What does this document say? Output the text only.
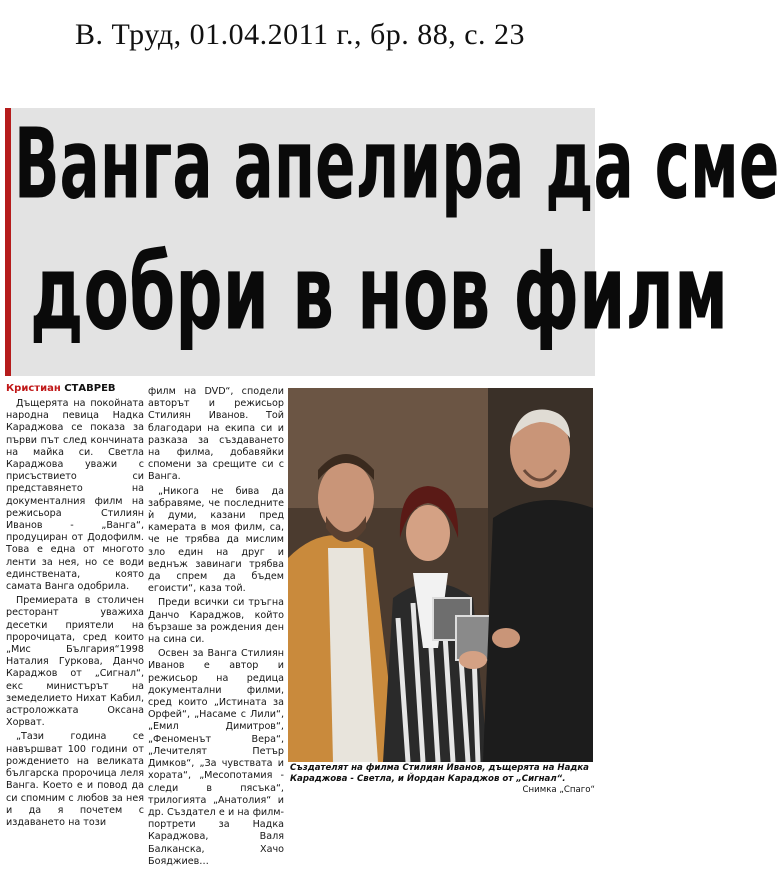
В. Труд, 01.04.2011 г., бр. 88, с. 23
Ванга апелира да сме
добри в нов филм
Кристиан СТАВРЕВ

Дъщерята на покойната народна певица Надка Караджова се показа за първи път след кончината на майка си. Светла Караджова уважи с присъствието си представянето на документалния филм на режисьора Стилиян Иванов - „Ванга“, продуциран от Додофилм. Това е една от многото ленти за нея, но се води единствената, която самата Ванга одобрила.

Премиерата в столичен ресторант уважиха десетки приятели на пророчицата, сред които „Мис България“1998 Наталия Гуркова, Данчо Караджов от „Сигнал“, екс министърът на земеделието Нихат Кабил, астроложката Оксана Хорват.

„Тази година се навършват 100 години от рождението на великата българска пророчица леля Ванга. Което е и повод да си спомним с любов за нея и да я почетем с издаването на този

филм на DVD“, сподели авторът и режисьор Стилиян Иванов. Той благодари на екипа си и разказа за създаването на филма, добавяйки спомени за срещите си с Ванга.

„Никога не бива да забравяме, че последните ѝ думи, казани пред камерата в моя филм, са, че не трябва да мислим зло един на друг и веднъж завинаги трябва да спрем да бъдем егоисти“, каза той.

Преди всички си тръгна Данчо Караджов, който бързаше за рождения ден на сина си.

Освен за Ванга Стилиян Иванов е автор и режисьор на редица документални филми, сред които „Истината за Орфей“, „Насаме с Лили“, „Емил Димитров“, „Феноменът Вера“, „Лечителят Петър Димков“, „За чувствата и хората“, „Месопотамия - следи в пясъка“, трилогията „Анатолия“ и др. Създател е и на филм-портрети за Надка Караджова, Валя Балканска, Хачо Бояджиев…

Създателят на филма Стилиян Иванов, дъщерята на Надка Караджова - Светла, и Йордан Караджов от „Сигнал“.
Снимка „Спаго“
